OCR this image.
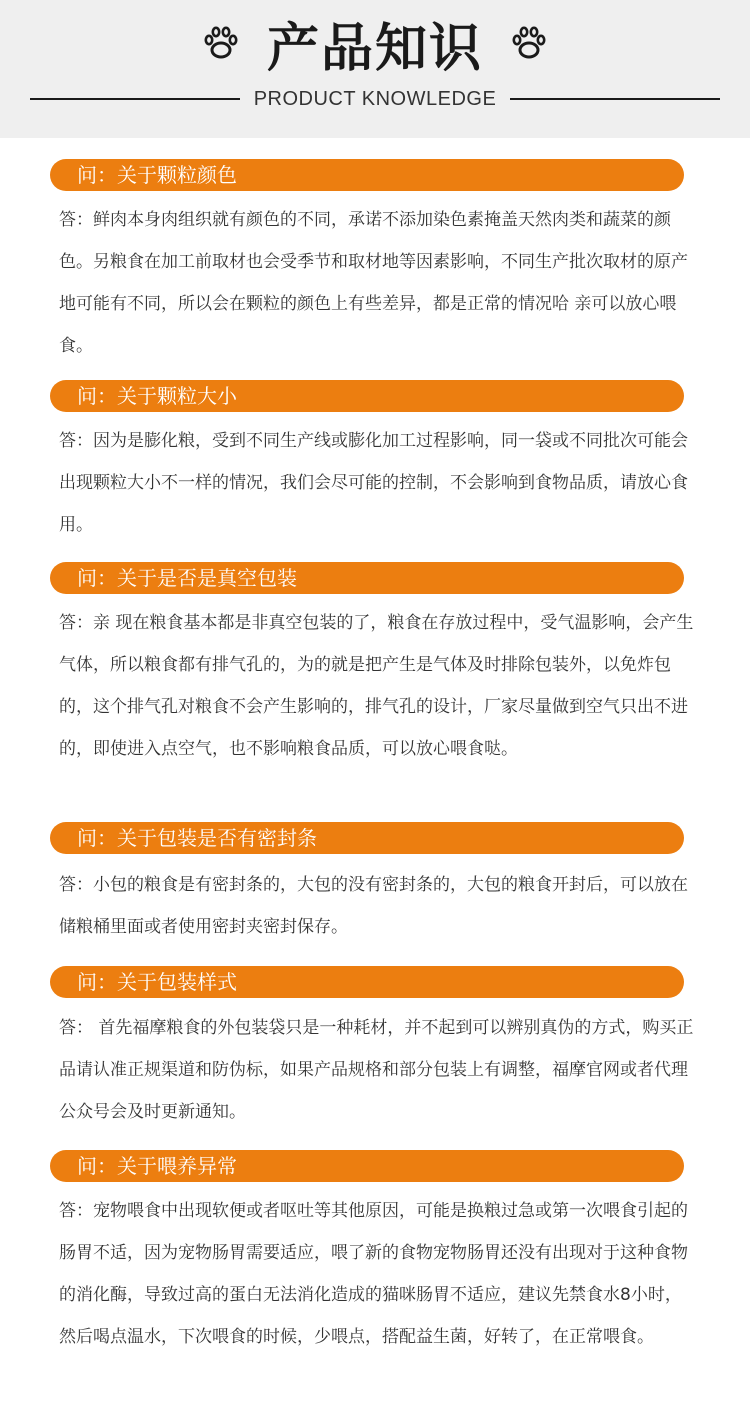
产品知识
PRODUCT KNOWLEDGE
问：关于颗粒颜色

答：鲜肉本身肉组织就有颜色的不同，承诺不添加染色素掩盖天然肉类和蔬菜的颜色。另粮食在加工前取材也会受季节和取材地等因素影响，不同生产批次取材的原产地可能有不同，所以会在颗粒的颜色上有些差异，都是正常的情况哈 亲可以放心喂食。

问：关于颗粒大小

答：因为是膨化粮，受到不同生产线或膨化加工过程影响，同一袋或不同批次可能会出现颗粒大小不一样的情况，我们会尽可能的控制，不会影响到食物品质，请放心食用。

问：关于是否是真空包装

答：亲 现在粮食基本都是非真空包装的了，粮食在存放过程中，受气温影响，会产生气体，所以粮食都有排气孔的，为的就是把产生是气体及时排除包装外，以免炸包的，这个排气孔对粮食不会产生影响的，排气孔的设计，厂家尽量做到空气只出不进的，即使进入点空气，也不影响粮食品质，可以放心喂食哒。

问：关于包装是否有密封条

答：小包的粮食是有密封条的，大包的没有密封条的，大包的粮食开封后，可以放在储粮桶里面或者使用密封夹密封保存。

问：关于包装样式

答： 首先福摩粮食的外包装袋只是一种耗材，并不起到可以辨别真伪的方式，购买正品请认准正规渠道和防伪标，如果产品规格和部分包装上有调整，福摩官网或者代理公众号会及时更新通知。

问：关于喂养异常

答：宠物喂食中出现软便或者呕吐等其他原因，可能是换粮过急或第一次喂食引起的肠胃不适，因为宠物肠胃需要适应，喂了新的食物宠物肠胃还没有出现对于这种食物的消化酶，导致过高的蛋白无法消化造成的猫咪肠胃不适应，建议先禁食水8小时，然后喝点温水，下次喂食的时候，少喂点，搭配益生菌，好转了，在正常喂食。
